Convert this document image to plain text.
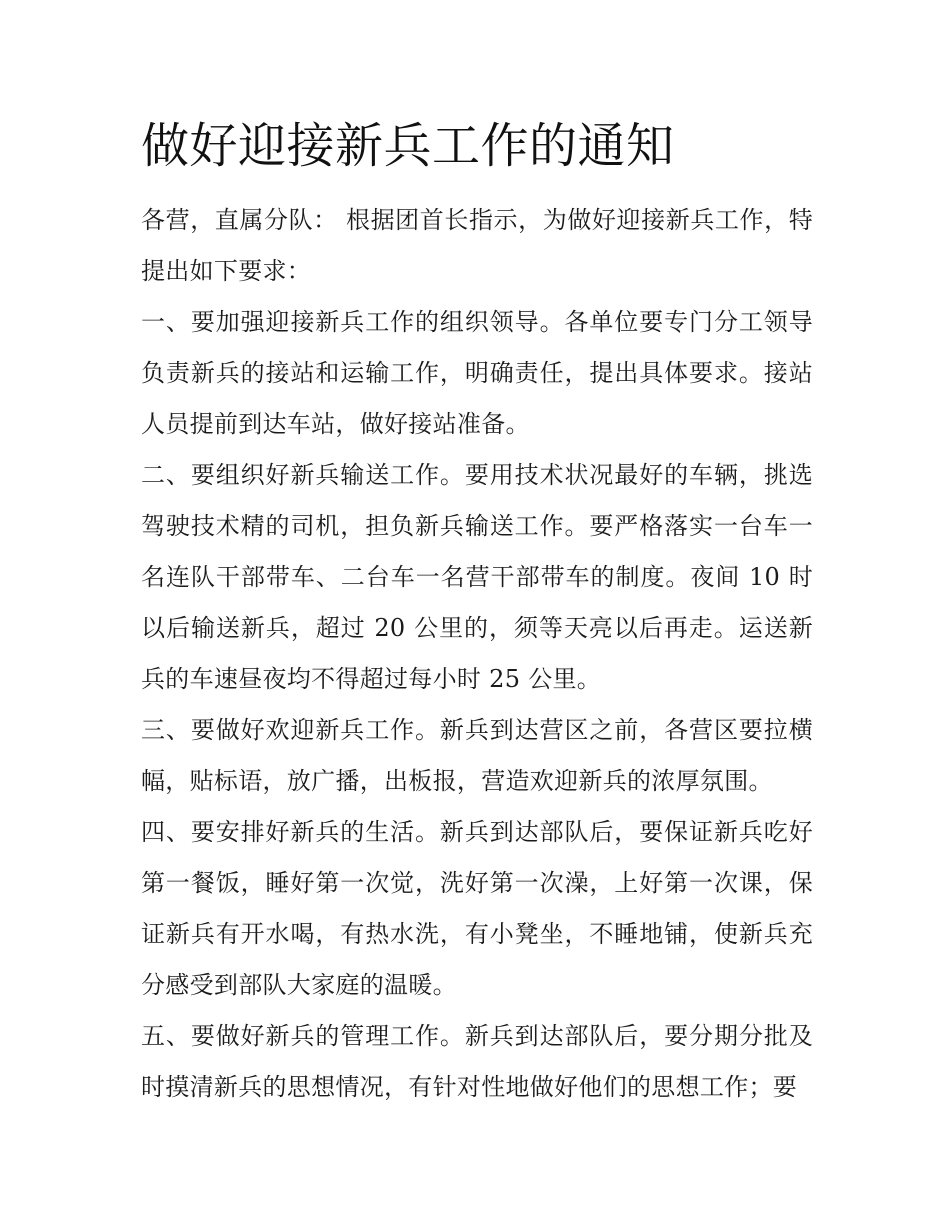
做好迎接新兵工作的通知

各营，直属分队： 根据团首长指示，为做好迎接新兵工作，特提出如下要求：

一、要加强迎接新兵工作的组织领导。各单位要专门分工领导负责新兵的接站和运输工作，明确责任，提出具体要求。接站人员提前到达车站，做好接站准备。

二、要组织好新兵输送工作。要用技术状况最好的车辆，挑选驾驶技术精的司机，担负新兵输送工作。要严格落实一台车一名连队干部带车、二台车一名营干部带车的制度。夜间 10 时以后输送新兵，超过 20 公里的，须等天亮以后再走。运送新兵的车速昼夜均不得超过每小时 25 公里。

三、要做好欢迎新兵工作。新兵到达营区之前，各营区要拉横幅，贴标语，放广播，出板报，营造欢迎新兵的浓厚氛围。

四、要安排好新兵的生活。新兵到达部队后，要保证新兵吃好第一餐饭，睡好第一次觉，洗好第一次澡，上好第一次课，保证新兵有开水喝，有热水洗，有小凳坐，不睡地铺，使新兵充分感受到部队大家庭的温暖。

五、要做好新兵的管理工作。新兵到达部队后，要分期分批及时摸清新兵的思想情况，有针对性地做好他们的思想工作；要
